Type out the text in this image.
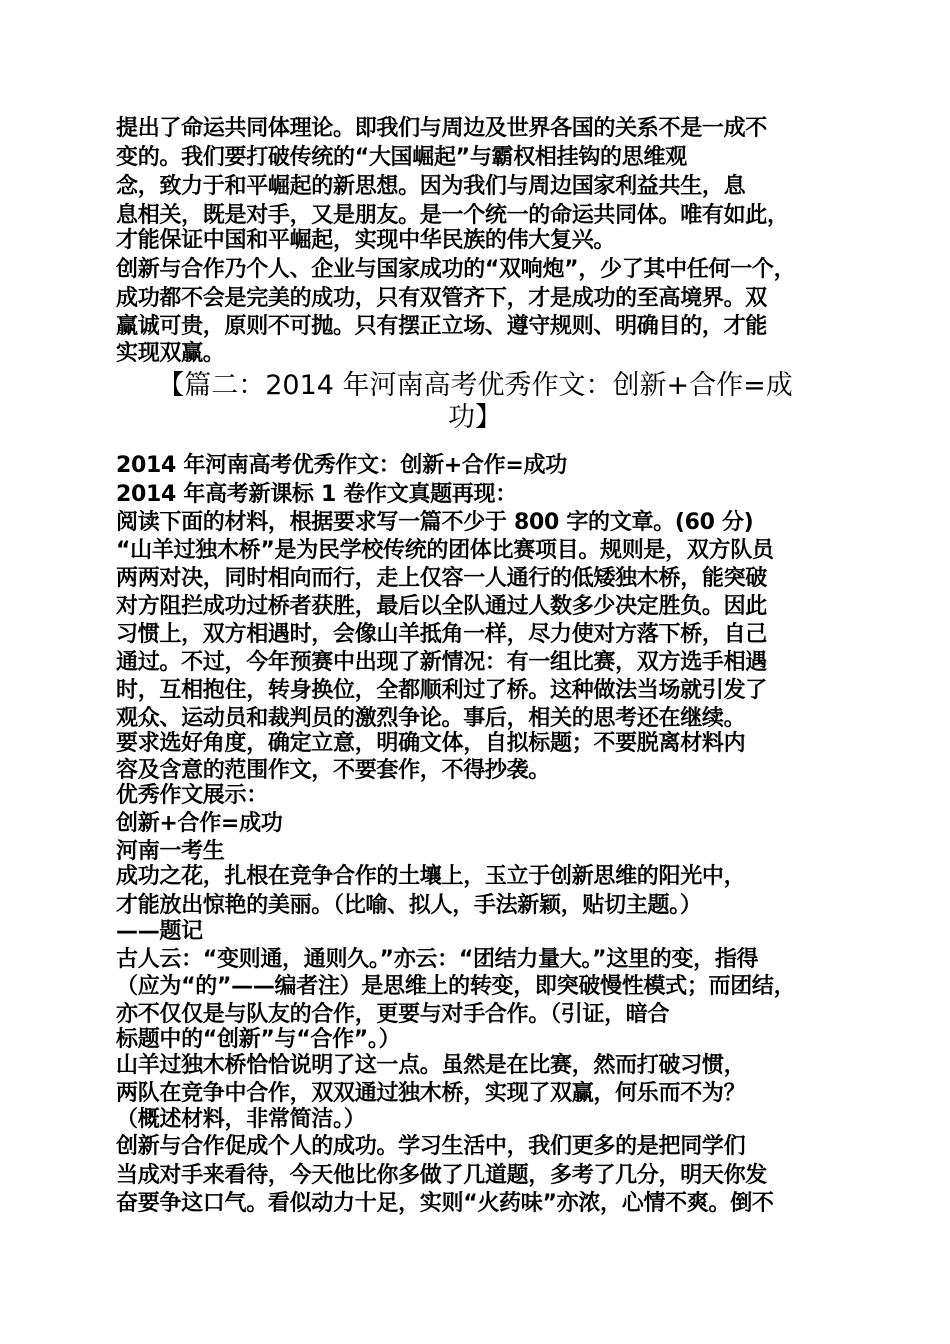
提出了命运共同体理论。即我们与周边及世界各国的关系不是一成不
变的。我们要打破传统的“大国崛起”与霸权相挂钩的思维观
念，致力于和平崛起的新思想。因为我们与周边国家利益共生，息
息相关，既是对手，又是朋友。是一个统一的命运共同体。唯有如此，
才能保证中国和平崛起，实现中华民族的伟大复兴。
创新与合作乃个人、企业与国家成功的“双响炮”，少了其中任何一个，
成功都不会是完美的成功，只有双管齐下，才是成功的至高境界。双
赢诚可贵，原则不可抛。只有摆正立场、遵守规则、明确目的，才能
实现双赢。
【篇二：2014 年河南高考优秀作文：创新+合作=成
功】
2014 年河南高考优秀作文：创新+合作=成功
2014 年高考新课标 1 卷作文真题再现：
阅读下面的材料，根据要求写一篇不少于 800 字的文章。(60 分)
“山羊过独木桥”是为民学校传统的团体比赛项目。规则是，双方队员
两两对决，同时相向而行，走上仅容一人通行的低矮独木桥，能突破
对方阻拦成功过桥者获胜，最后以全队通过人数多少决定胜负。因此
习惯上，双方相遇时，会像山羊抵角一样，尽力使对方落下桥，自己
通过。不过，今年预赛中出现了新情况：有一组比赛，双方选手相遇
时，互相抱住，转身换位，全都顺利过了桥。这种做法当场就引发了
观众、运动员和裁判员的激烈争论。事后，相关的思考还在继续。
要求选好角度，确定立意，明确文体，自拟标题；不要脱离材料内
容及含意的范围作文，不要套作，不得抄袭。
优秀作文展示：
创新+合作=成功
河南一考生
成功之花，扎根在竞争合作的土壤上，玉立于创新思维的阳光中，
才能放出惊艳的美丽。（比喻、拟人，手法新颖，贴切主题。）
——题记
古人云：“变则通，通则久。”亦云：“团结力量大。”这里的变，指得
（应为“的”——编者注）是思维上的转变，即突破慢性模式；而团结，
亦不仅仅是与队友的合作，更要与对手合作。（引证，暗合
标题中的“创新”与“合作”。）
山羊过独木桥恰恰说明了这一点。虽然是在比赛，然而打破习惯，
两队在竞争中合作，双双通过独木桥，实现了双赢，何乐而不为？
（概述材料，非常简洁。）
创新与合作促成个人的成功。学习生活中，我们更多的是把同学们
当成对手来看待，今天他比你多做了几道题，多考了几分，明天你发
奋要争这口气。看似动力十足，实则“火药味”亦浓，心情不爽。倒不
